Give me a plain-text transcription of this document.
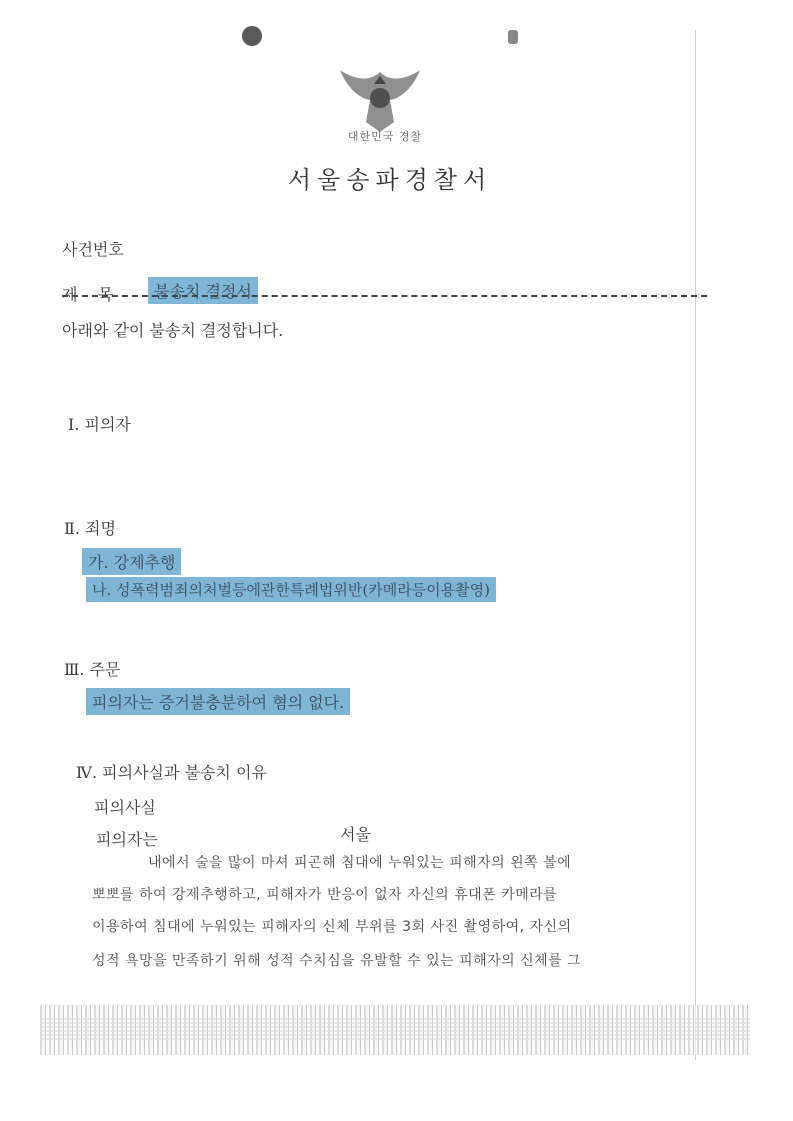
대한민국 경찰
서울송파경찰서
사건번호
제    목	불송치 결정서
아래와 같이 불송치 결정합니다.
Ⅰ. 피의자
Ⅱ. 죄명
가. 강제추행
나. 성폭력범죄의처벌등에관한특례법위반(카메라등이용촬영)
Ⅲ. 주문
피의자는 증거불충분하여 혐의 없다.
Ⅳ. 피의사실과 불송치 이유
피의사실
피의자는	서울
내에서 술을 많이 마셔 피곤해 침대에 누워있는 피해자의 왼쪽 볼에
뽀뽀를 하여 강제추행하고, 피해자가 반응이 없자 자신의 휴대폰 카메라를
이용하여 침대에 누워있는 피해자의 신체 부위를 3회 사진 촬영하여, 자신의
성적 욕망을 만족하기 위해 성적 수치심을 유발할 수 있는 피해자의 신체를 그
